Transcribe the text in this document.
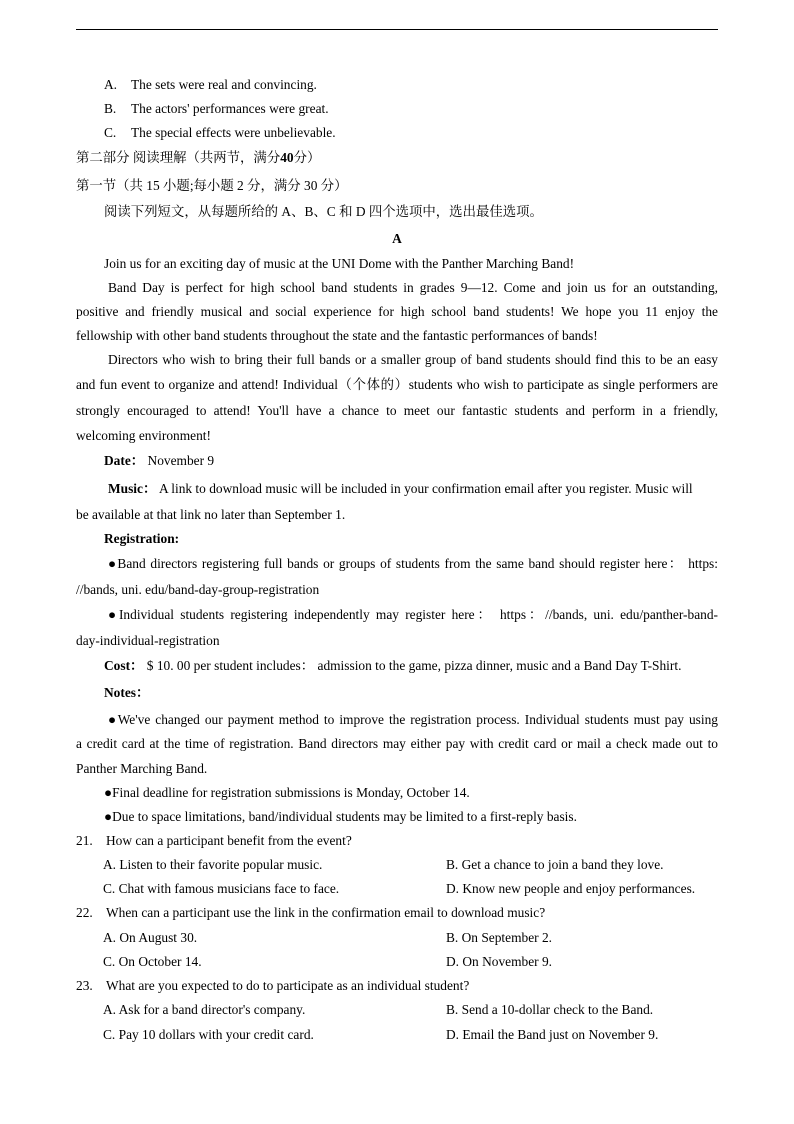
A. The sets were real and convincing.
B. The actors' performances were great.
C. The special effects were unbelievable.
第二部分 阅读理解（共两节，满分40分）
第一节（共 15 小题;每小题 2 分，满分 30 分）
阅读下列短文，从每题所给的 A、B、C 和 D 四个选项中，选出最佳选项。
A
Join us for an exciting day of music at the UNI Dome with the Panther Marching Band!
Band Day is perfect for high school band students in grades 9—12. Come and join us for an outstanding,
positive and friendly musical and social experience for high school band students! We hope you 11 enjoy the
fellowship with other band students throughout the state and the fantastic performances of bands!
Directors who wish to bring their full bands or a smaller group of band students should find this to be an easy
and fun event to organize and attend! Individual（个体的）students who wish to participate as single performers are
strongly encouraged to attend! You'll have a chance to meet our fantastic students and perform in a friendly,
welcoming environment!
Date： November 9
Music： A link to download music will be included in your confirmation email after you register. Music will
be available at that link no later than September 1.
Registration:
●Band directors registering full bands or groups of students from the same band should register here： https:
//bands, uni. edu/band-day-group-registration
●Individual students registering independently may register here： https：//bands, uni. edu/panther-band-
day-individual-registration
Cost： $ 10. 00 per student includes： admission to the game, pizza dinner, music and a Band Day T-Shirt.
Notes：
●We've changed our payment method to improve the registration process. Individual students must pay using
a credit card at the time of registration. Band directors may either pay with credit card or mail a check made out to
Panther Marching Band.
●Final deadline for registration submissions is Monday, October 14.
●Due to space limitations, band/individual students may be limited to a first-reply basis.
21. How can a participant benefit from the event?
A. Listen to their favorite popular music.	B. Get a chance to join a band they love.
C. Chat with famous musicians face to face.	D. Know new people and enjoy performances.
22. When can a participant use the link in the confirmation email to download music?
A. On August 30.	B. On September 2.
C. On October 14.	D. On November 9.
23. What are you expected to do to participate as an individual student?
A. Ask for a band director's company.	B. Send a 10-dollar check to the Band.
C. Pay 10 dollars with your credit card.	D. Email the Band just on November 9.
